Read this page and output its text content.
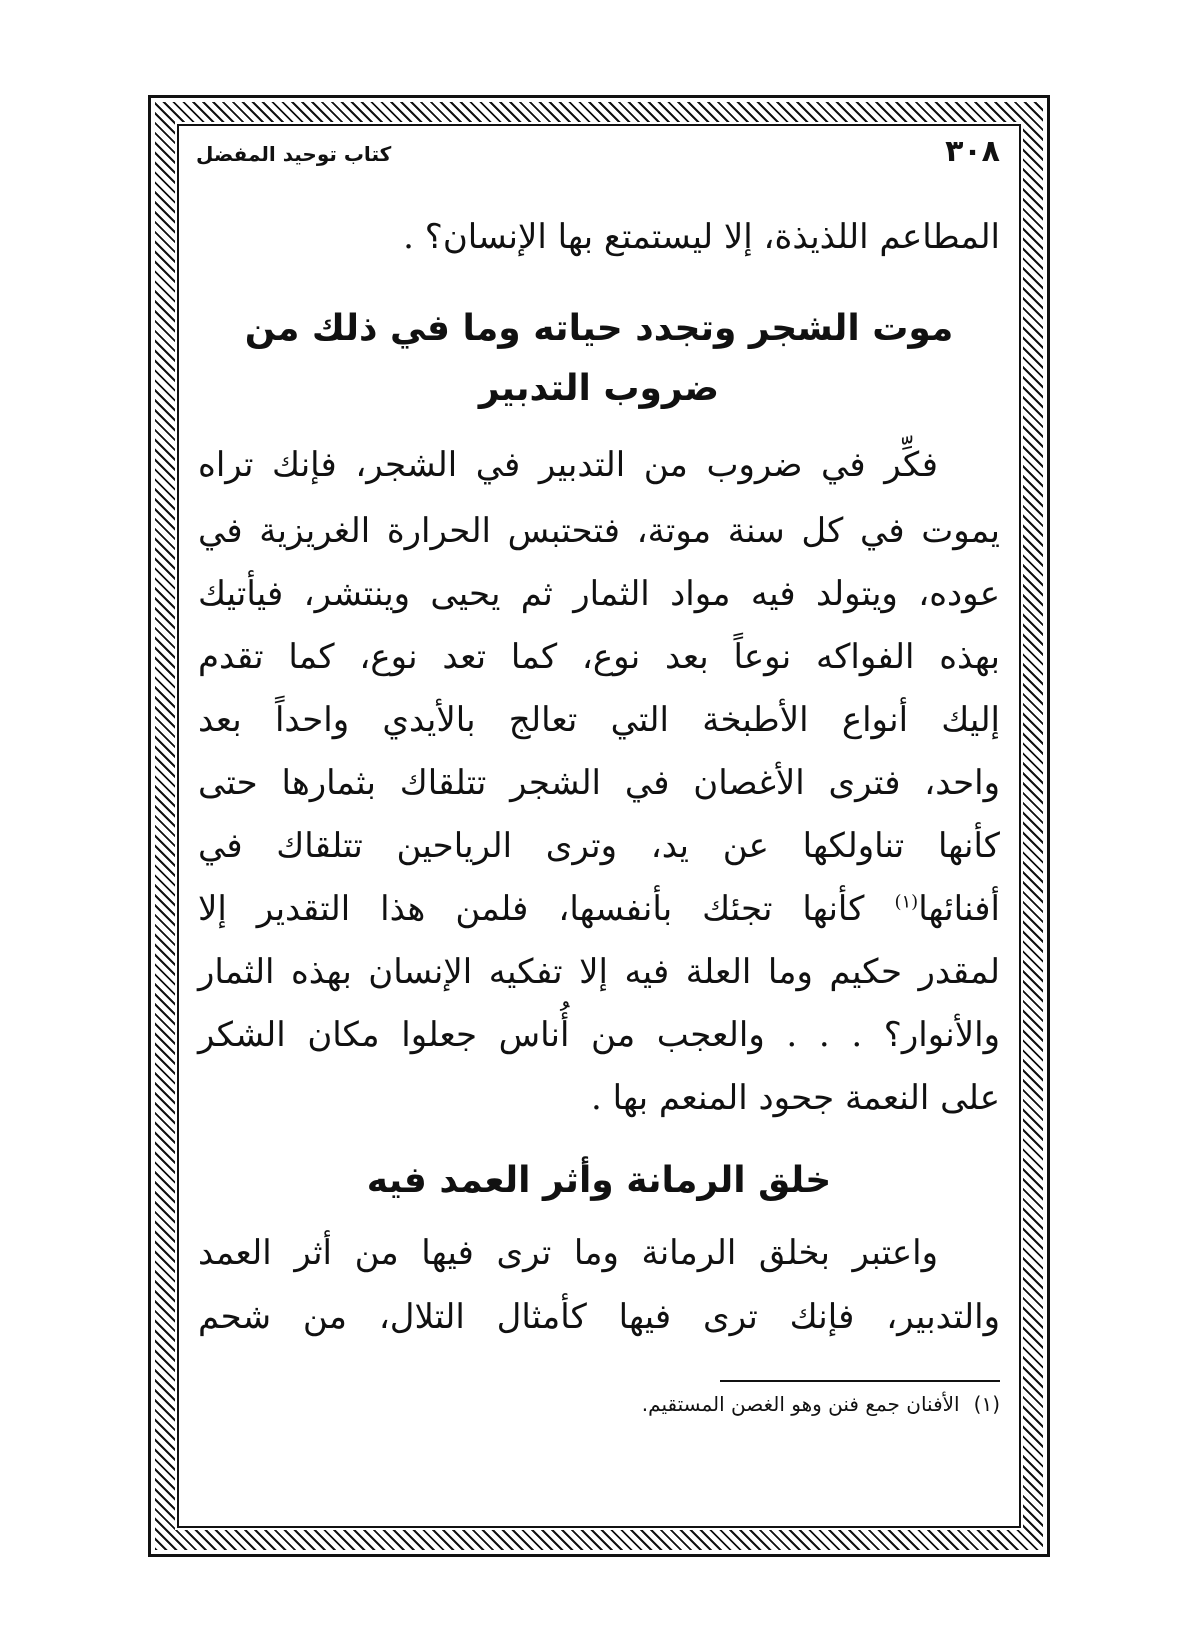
٣٠٨
كتاب توحيد المفضل
المطاعم اللذيذة، إلا ليستمتع بها الإنسان؟ .
موت الشجر وتجدد حياته وما في ذلك من
ضروب التدبير
فكِّر في ضروب من التدبير في الشجر، فإنك تراه
يموت في كل سنة موتة، فتحتبس الحرارة الغريزية في
عوده، ويتولد فيه مواد الثمار ثم يحيى وينتشر، فيأتيك
بهذه الفواكه نوعاً بعد نوع، كما تعد نوع، كما تقدم
إليك أنواع الأطبخة التي تعالج بالأيدي واحداً بعد
واحد، فترى الأغصان في الشجر تتلقاك بثمارها حتى
كأنها تناولكها عن يد، وترى الرياحين تتلقاك في
أفنائها$^{(١)}$ كأنها تجئك بأنفسها، فلمن هذا التقدير إلا
لمقدر حكيم وما العلة فيه إلا تفكيه الإنسان بهذه الثمار
والأنوار؟ . . . والعجب من أُناس جعلوا مكان الشكر
على النعمة جحود المنعم بها .
خلق الرمانة وأثر العمد فيه
واعتبر بخلق الرمانة وما ترى فيها من أثر العمد
والتدبير، فإنك ترى فيها كأمثال التلال، من شحم
(١)الأفنان جمع فنن وهو الغصن المستقيم.
